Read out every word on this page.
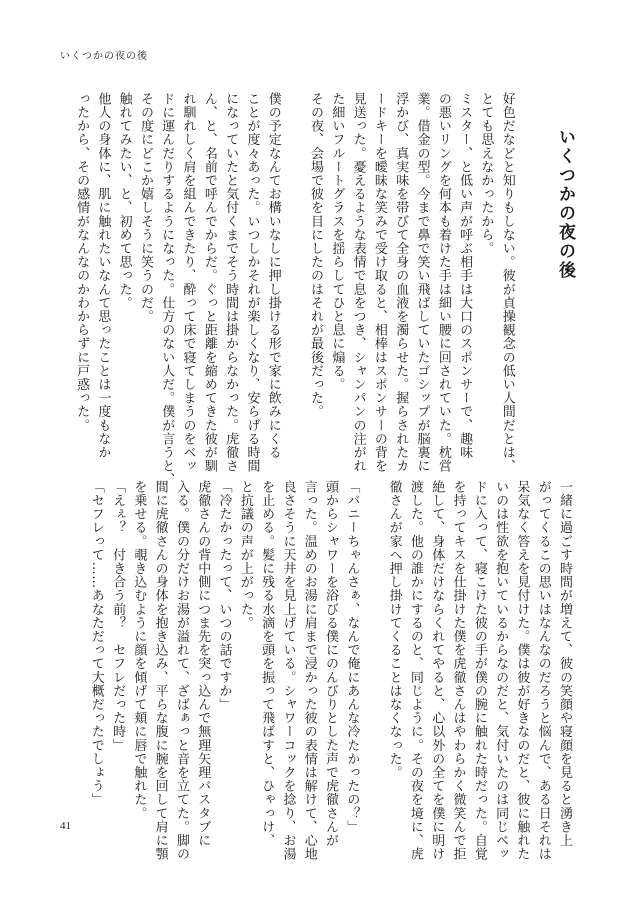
いくつかの夜の後

いくつかの夜の後

好色だなどと知りもしない。彼が貞操観念の低い人間だとは、

とても思えなかったから。

ミスター、と低い声が呼ぶ相手は大口のスポンサーで、趣味

の悪いリングを何本も着けた手は細い腰に回されていた。枕営

業。借金の型。今まで鼻で笑い飛ばしていたゴシップが脳裏に

浮かび、真実味を帯びて全身の血液を濁らせた。握らされたカ

ードキーを曖昧な笑みで受け取ると、相棒はスポンサーの背を

見送った。憂えるような表情で息をつき、シャンパンの注がれ

た細いフルートグラスを揺らしてひと息に煽る。

その夜、会場で彼を目にしたのはそれが最後だった。

僕の予定なんてお構いなしに押し掛ける形で家に飲みにくる

ことが度々あった。いつしかそれが楽しくなり、安らげる時間

になっていたと気付くまでそう時間は掛からなかった。虎徹さ

ん、と、名前で呼んでからだ。ぐっと距離を縮めてきた彼が馴

れ馴れしく肩を組んできたり、酔って床で寝てしまうのをベッ

ドに運んだりするようになった。仕方のない人だ。僕が言うと、

その度にどこか嬉しそうに笑うのだ。

触れてみたい、と、初めて思った。

他人の身体に、肌に触れたいなんて思ったことは一度もなか

ったから、その感情がなんなのかわからずに戸惑った。

一緒に過ごす時間が増えて、彼の笑顔や寝顔を見ると湧き上

がってくるこの思いはなんなのだろうと悩んで、ある日それは

呆気なく答えを見付けた。僕は彼が好きなのだと、彼に触れた

いのは性欲を抱いているからなのだと、気付いたのは同じベッ

ドに入って、寝こけた彼の手が僕の腕に触れた時だった。自覚

を持ってキスを仕掛けた僕を虎徹さんはやわらかく微笑んで拒

絶して、身体だけならくれてやると、心以外の全てを僕に明け

渡した。他の誰かにするのと、同じように。その夜を境に、虎

徹さんが家へ押し掛けてくることはなくなった。

「バニーちゃんさぁ、なんで俺にあんな冷たかったの？」

頭からシャワーを浴びる僕にのんびりとした声で虎徹さんが

言った。温めのお湯に肩まで浸かった彼の表情は解けて、心地

良さそうに天井を見上げている。シャワーコックを捻り、お湯

を止める。髪に残る水滴を頭を振って飛ばすと、ひゃっけ、

と抗議の声が上がった。

「冷たかったって、いつの話ですか」

虎徹さんの背中側につま先を突っ込んで無理矢理バスタブに

入る。僕の分だけお湯が溢れて、ざばぁっと音を立てた。脚の

間に虎徹さんの身体を抱き込み、平らな腹に腕を回して肩に顎

を乗せる。覗き込むように顔を傾げて頬に唇で触れた。

「えぇ？　付き合う前？　セフレだった時」

「セフレって……あなただって大概だったでしょう」

41
